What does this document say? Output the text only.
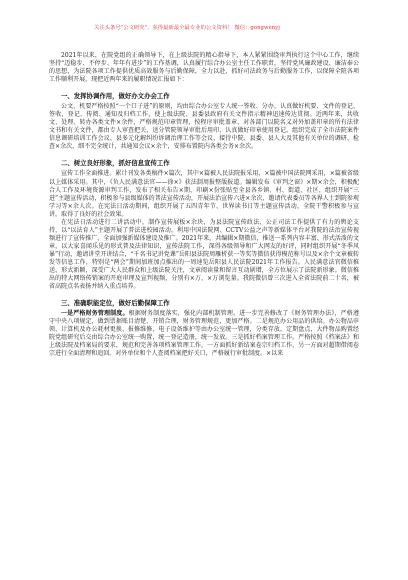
关注头条号"公文研究"，获得最新最全最专业的公文资料！ 微信：gongwenyj

2021年以来，在院党组的正确领导下，在上级法院的精心指导下，本人紧紧围绕审判执行这个中心工作，继续坚持“迈稳步、不停步、年年有进步”的工作基调，认真履行综合办公室主任工作职责，坚持党风廉政建设、廉洁奉公的思想，为法院各项工作提供优质高效服务与后勤保障，全力以赴，抓好司法政务与后勤服务工作，以保障全院各项工作顺利开展，现把近两年来的履职情况汇报如下：

一、发挥协调作用，做好办文办会工作

公文、机要严格按照“一个口子进”的原则，均由综合办公室专人统一签收、分办，认真做好机要、文件的登记、签收、登记、传阅、通知及归档工作，使上级法院、县委县政府有关文件指示精神迅速传达贯彻。近两年来，共收文、处理、转办各类文件×余件，严格规范印章管理，按程序审批盖章，对各部门以院名义对外加盖印章的所有法律文书和有关文件，都由专人审查把关，送分管院领导审批后用印，认真做好印章使用登记。组织完成了全市法院案件信息调研培训工作会议、县多元化解纠纷诉调治理工作等会议，接待中院、县委、县人大及其他有关单位的调研、检查×余次，细不完全统计，共通知会议×余个，安排布置院内各类会务×余次。

二、树立良好形象，抓好信息宣传工作

宣传工作全面推进。累计刊发各类稿件×篇次，其中×篇被人民法院报采用，×篇被中国法院网采用，×篇被省级以上媒体采用。其中，《负人民满意法官——徐×》获法制周报整版报道。编辑发布《审判之窗》×期×余会，积极配合人工作及环境资源审判工作，发布了相关布告×期，印刷×份张贴至全县各乡镇、村、街道、社区，组织开展“三进”主题宣传活动，积极参与县级媒体的普法宣传活动，开展法治宣传六进×余次，邀请代表委员等各界人士到院参观学习等×余人次。在宪法日活动期间，组织开展了五四青年节、世界读书日等主题宣传活动，全院干警积极参与宣讲，取得了良好的社会效果。

在宪法日活动进行二讲活动中，制作宣传展板×余块，为县法院宣传政法、公正司法工作提供了有力的舆论支持，以“以法育人”主题开展了普法进校园活动，利用中国法院网、CCTV公益之声等新媒体平台对我院的法治宣传视频进行了宣传推广，全面加强新媒体建设及推广。2021年来，共编辑×期微信，推送一系列内容丰富、形式活泼的文章，以大家喜闻乐见的形式普及法律知识，宣传法院工作，深得各级领导和广大网友的好评，同时组织开展“冬季风暴”行动，邀请讲堂开讲结合，“千名书记讲党课”岳阳县法院周雁析获一等奖等微信获得模范称号以及×余个文章被转发等信息工作，特别是“两会”期间加班加点推出的一周速览岳阳县人民法院2021年工作报告。人民满意法官微信推送，形式新颖，深受广大人民群众和上级法院关注，文章阅读量和留言互动剧增，全方位展示了法院新形象。微信推出的特大网络传销案的开庭审理及宣判视频，分别有×万、×万浏览量。我院微信曾三次进入全省法院前二十名，被省高院点名表扬并纳入重点培养。

三、准确职能定位，做好后勤保障工作

一是严格财务管理制度。根据财务制度落实，强化内部机制管理。进一步完善修改了《财务管理办法》，严格遵守中央八项规定，做到票据账目清楚、开销合理，财务管理规范，更加严格。二是规范办公用品的供给。办公物品申领、计算机及办公耗材更换、报修维修，电子设备维护等由办公室统一管理，分类存放，定期盘点，大件物品购置经院党组研究后交由综合办公室统一购置，统一登记造册，统一发放。三是抓好档案管理工作。严格按照《档案法》和上级法院及档案局的要求，规范和完善各项档案管理工作，一方面抓好新结案卷宗归档工作，另一方面对超期借阅卷宗进行全面清理和追回。对外单位和个人查阅档案把好关口，严格履行审批制度。×以来
